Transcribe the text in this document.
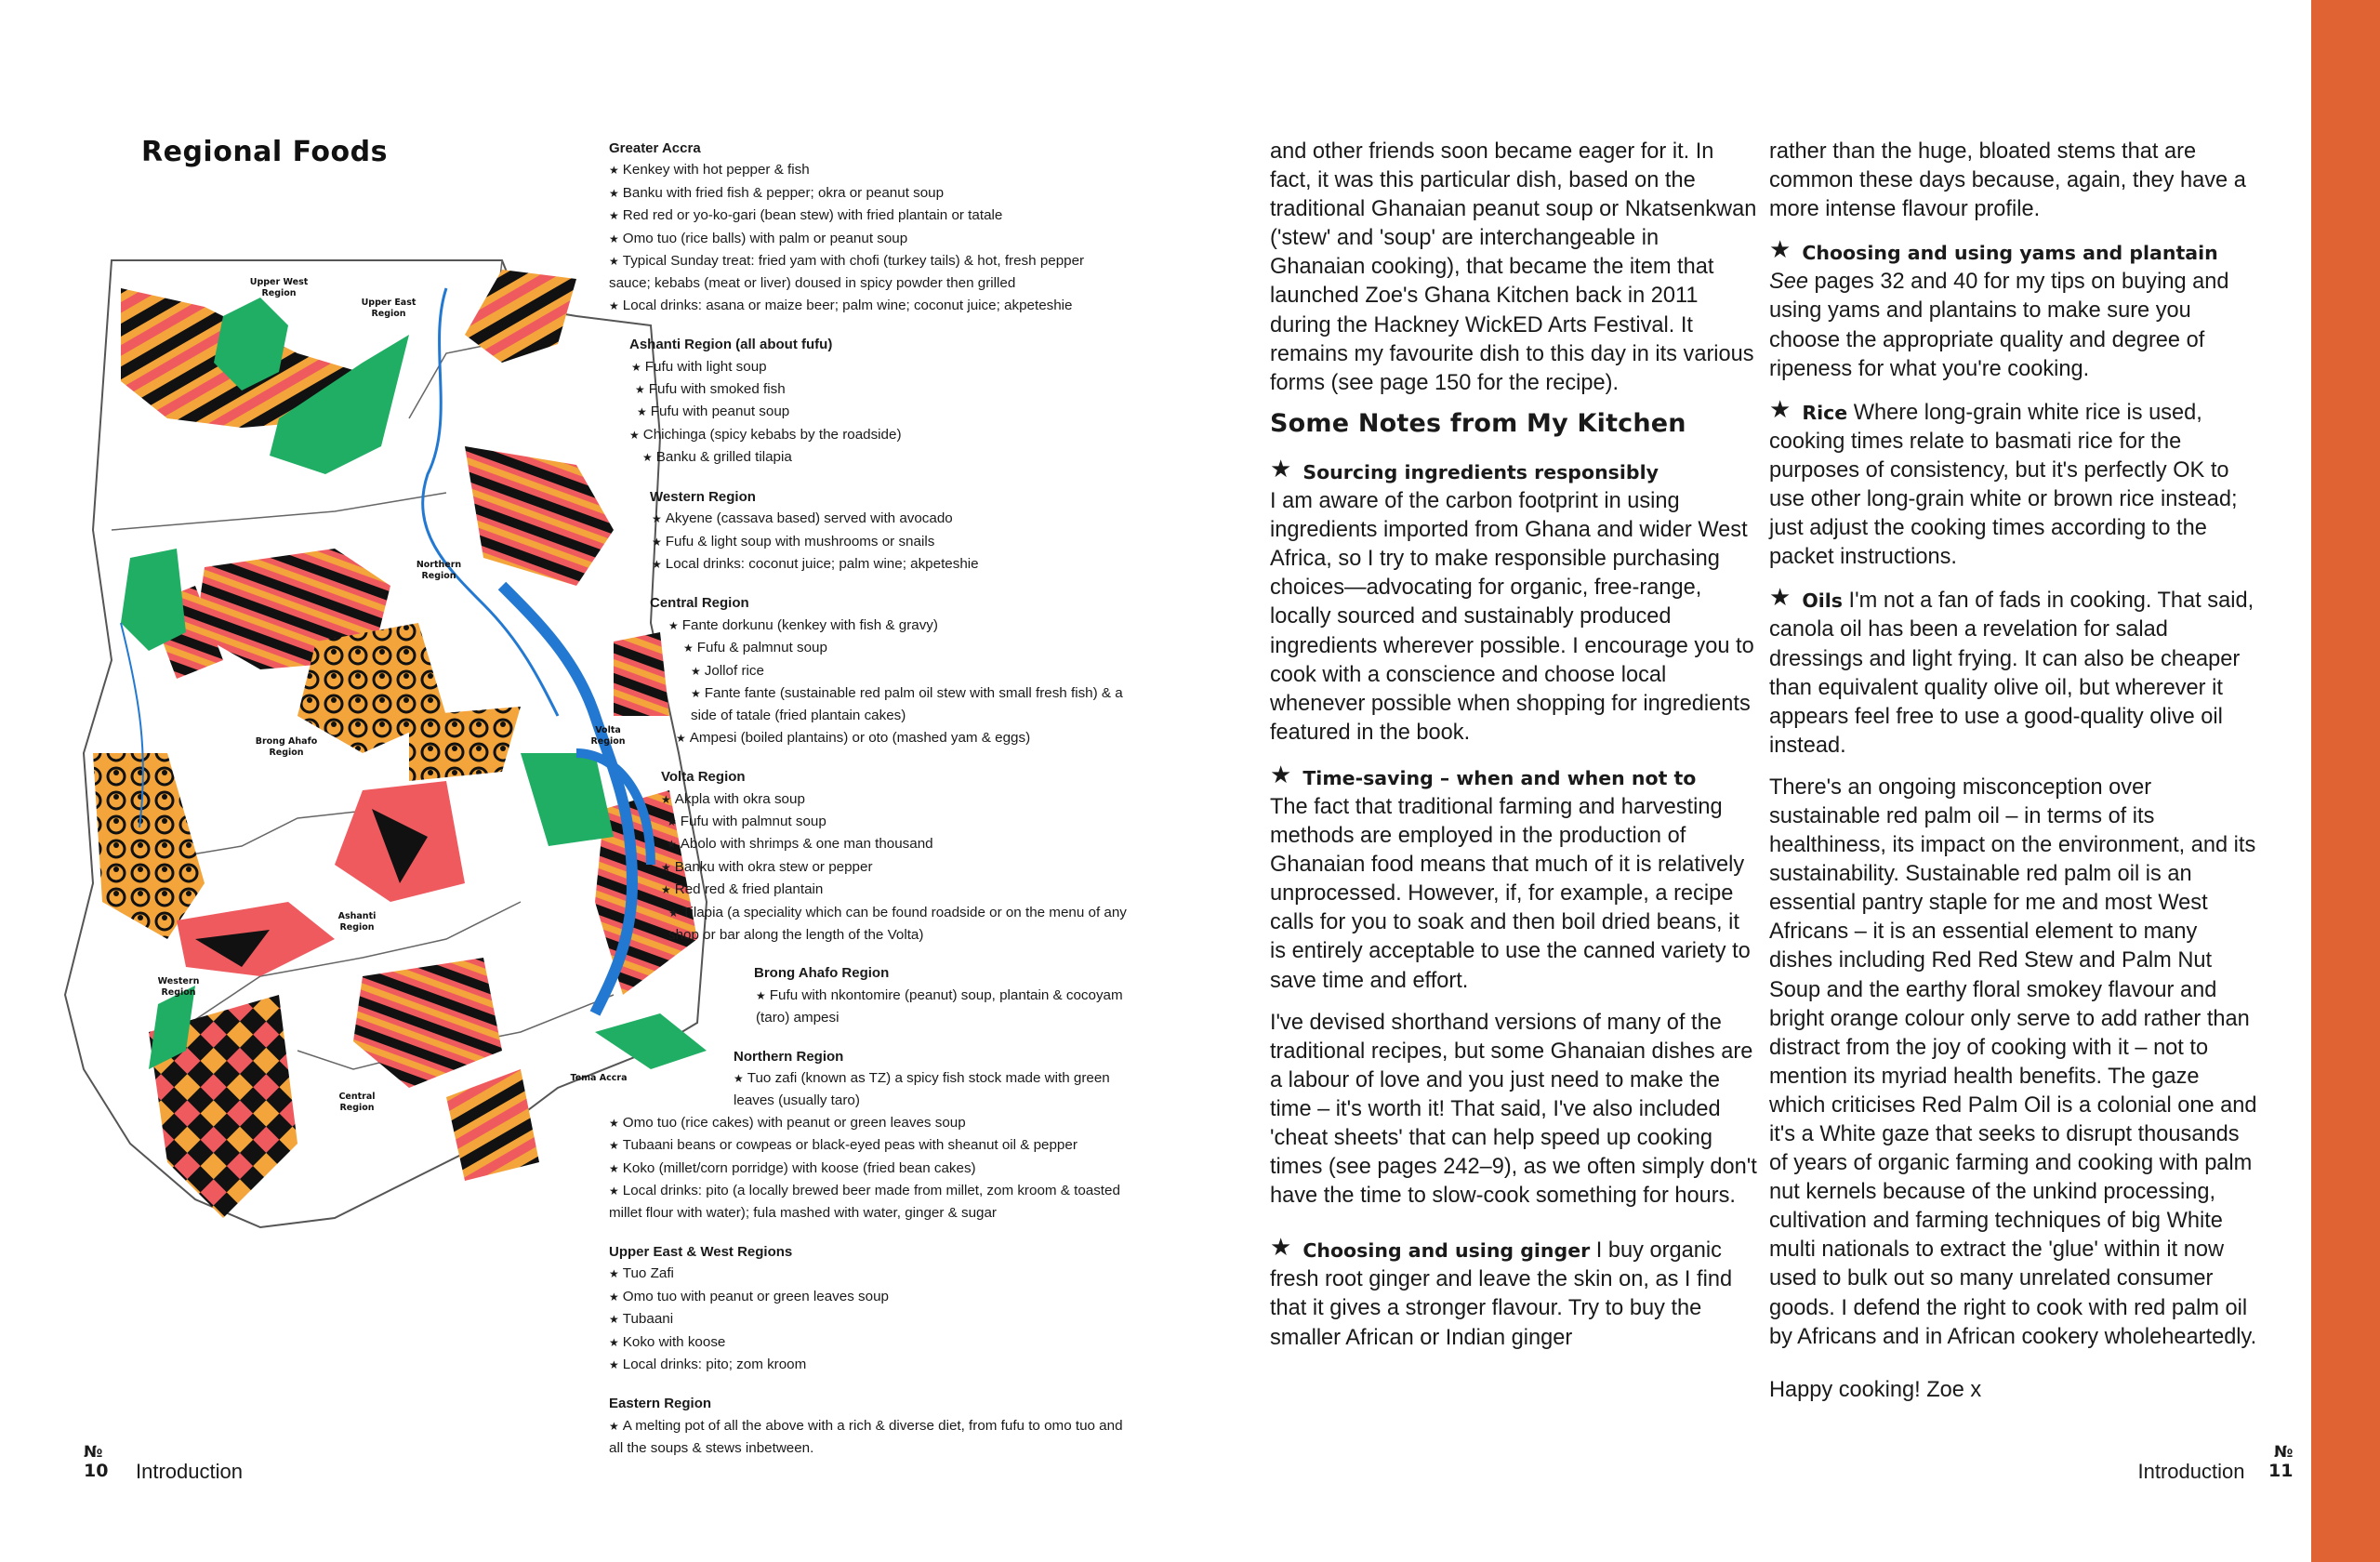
Regional Foods
Upper West
Region
Upper East
Region
Northern
Region
Brong Ahafo
Region
Volta
Region
Ashanti
Region
Western
Region
Central
Region
Tema Accra
Greater Accra
★ Kenkey with hot pepper & fish
★ Banku with fried fish & pepper; okra or peanut soup
★ Red red or yo-ko-gari (bean stew) with fried plantain or tatale
★ Omo tuo (rice balls) with palm or peanut soup
★ Typical Sunday treat: fried yam with chofi (turkey tails) & hot, fresh pepper sauce; kebabs (meat or liver) doused in spicy powder then grilled
★ Local drinks: asana or maize beer; palm wine; coconut juice; akpeteshie
Ashanti Region (all about fufu)
★ Fufu with light soup
★ Fufu with smoked fish
★ Fufu with peanut soup
★ Chichinga (spicy kebabs by the roadside)
★ Banku & grilled tilapia
Western Region
★ Akyene (cassava based) served with avocado
★ Fufu & light soup with mushrooms or snails
★ Local drinks: coconut juice; palm wine; akpeteshie
Central Region
★ Fante dorkunu (kenkey with fish & gravy)
★ Fufu & palmnut soup
★ Jollof rice
★ Fante fante (sustainable red palm oil stew with small fresh fish) & a side of tatale (fried plantain cakes)
★ Ampesi (boiled plantains) or oto (mashed yam & eggs)
Volta Region
★ Akpla with okra soup
★ Fufu with palmnut soup
★ Abolo with shrimps & one man thousand
★ Banku with okra stew or pepper
★ Red red & fried plantain
★ Tilapia (a speciality which can be found roadside or on the menu of any shop or bar along the length of the Volta)
Brong Ahafo Region
★ Fufu with nkontomire (peanut) soup, plantain & cocoyam (taro) ampesi
Northern Region
★ Tuo zafi (known as TZ) a spicy fish stock made with green leaves (usually taro)
★ Omo tuo (rice cakes) with peanut or green leaves soup
★ Tubaani beans or cowpeas or black-eyed peas with sheanut oil & pepper
★ Koko (millet/corn porridge) with koose (fried bean cakes)
★ Local drinks: pito (a locally brewed beer made from millet, zom kroom & toasted millet flour with water); fula mashed with water, ginger & sugar
Upper East & West Regions
★ Tuo Zafi
★ Omo tuo with peanut or green leaves soup
★ Tubaani
★ Koko with koose
★ Local drinks: pito; zom kroom
Eastern Region
★ A melting pot of all the above with a rich & diverse diet, from fufu to omo tuo and all the soups & stews inbetween.
№
10 Introduction

and other friends soon became eager for it. In fact, it was this particular dish, based on the traditional Ghanaian peanut soup or Nkatsenkwan ('stew' and 'soup' are interchangeable in Ghanaian cooking), that became the item that launched Zoe's Ghana Kitchen back in 2011 during the Hackney WickED Arts Festival. It remains my favourite dish to this day in its various forms (see page 150 for the recipe).

Some Notes from My Kitchen
★ Sourcing ingredients responsibly
I am aware of the carbon footprint in using ingredients imported from Ghana and wider West Africa, so I try to make responsible purchasing choices—advocating for organic, free-range, locally sourced and sustainably produced ingredients wherever possible. I encourage you to cook with a conscience and choose local whenever possible when shopping for ingredients featured in the book.
★ Time-saving – when and when not to
The fact that traditional farming and harvesting methods are employed in the production of Ghanaian food means that much of it is relatively unprocessed. However, if, for example, a recipe calls for you to soak and then boil dried beans, it is entirely acceptable to use the canned variety to save time and effort.

I've devised shorthand versions of many of the traditional recipes, but some Ghanaian dishes are a labour of love and you just need to make the time – it's worth it! That said, I've also included 'cheat sheets' that can help speed up cooking times (see pages 242–9), as we often simply don't have the time to slow-cook something for hours.

★ Choosing and using ginger I buy organic fresh root ginger and leave the skin on, as I find that it gives a stronger flavour. Try to buy the smaller African or Indian ginger

rather than the huge, bloated stems that are common these days because, again, they have a more intense flavour profile.

★ Choosing and using yams and plantain
See pages 32 and 40 for my tips on buying and using yams and plantains to make sure you choose the appropriate quality and degree of ripeness for what you're cooking.
★ Rice Where long-grain white rice is used, cooking times relate to basmati rice for the purposes of consistency, but it's perfectly OK to use other long-grain white or brown rice instead; just adjust the cooking times according to the packet instructions.
★ Oils I'm not a fan of fads in cooking. That said, canola oil has been a revelation for salad dressings and light frying. It can also be cheaper than equivalent quality olive oil, but wherever it appears feel free to use a good-quality olive oil instead.

There's an ongoing misconception over sustainable red palm oil – in terms of its healthiness, its impact on the environment, and its sustainability. Sustainable red palm oil is an essential pantry staple for me and most West Africans – it is an essential element to many dishes including Red Red Stew and Palm Nut Soup and the earthy floral smokey flavour and bright orange colour only serve to add rather than distract from the joy of cooking with it – not to mention its myriad health benefits. The gaze which criticises Red Palm Oil is a colonial one and it's a White gaze that seeks to disrupt thousands of years of organic farming and cooking with palm nut kernels because of the unkind processing, cultivation and farming techniques of big White multi nationals to extract the 'glue' within it now used to bulk out so many unrelated consumer goods. I defend the right to cook with red palm oil by Africans and in African cookery wholeheartedly.

Happy cooking! Zoe x

№
11
Introduction
